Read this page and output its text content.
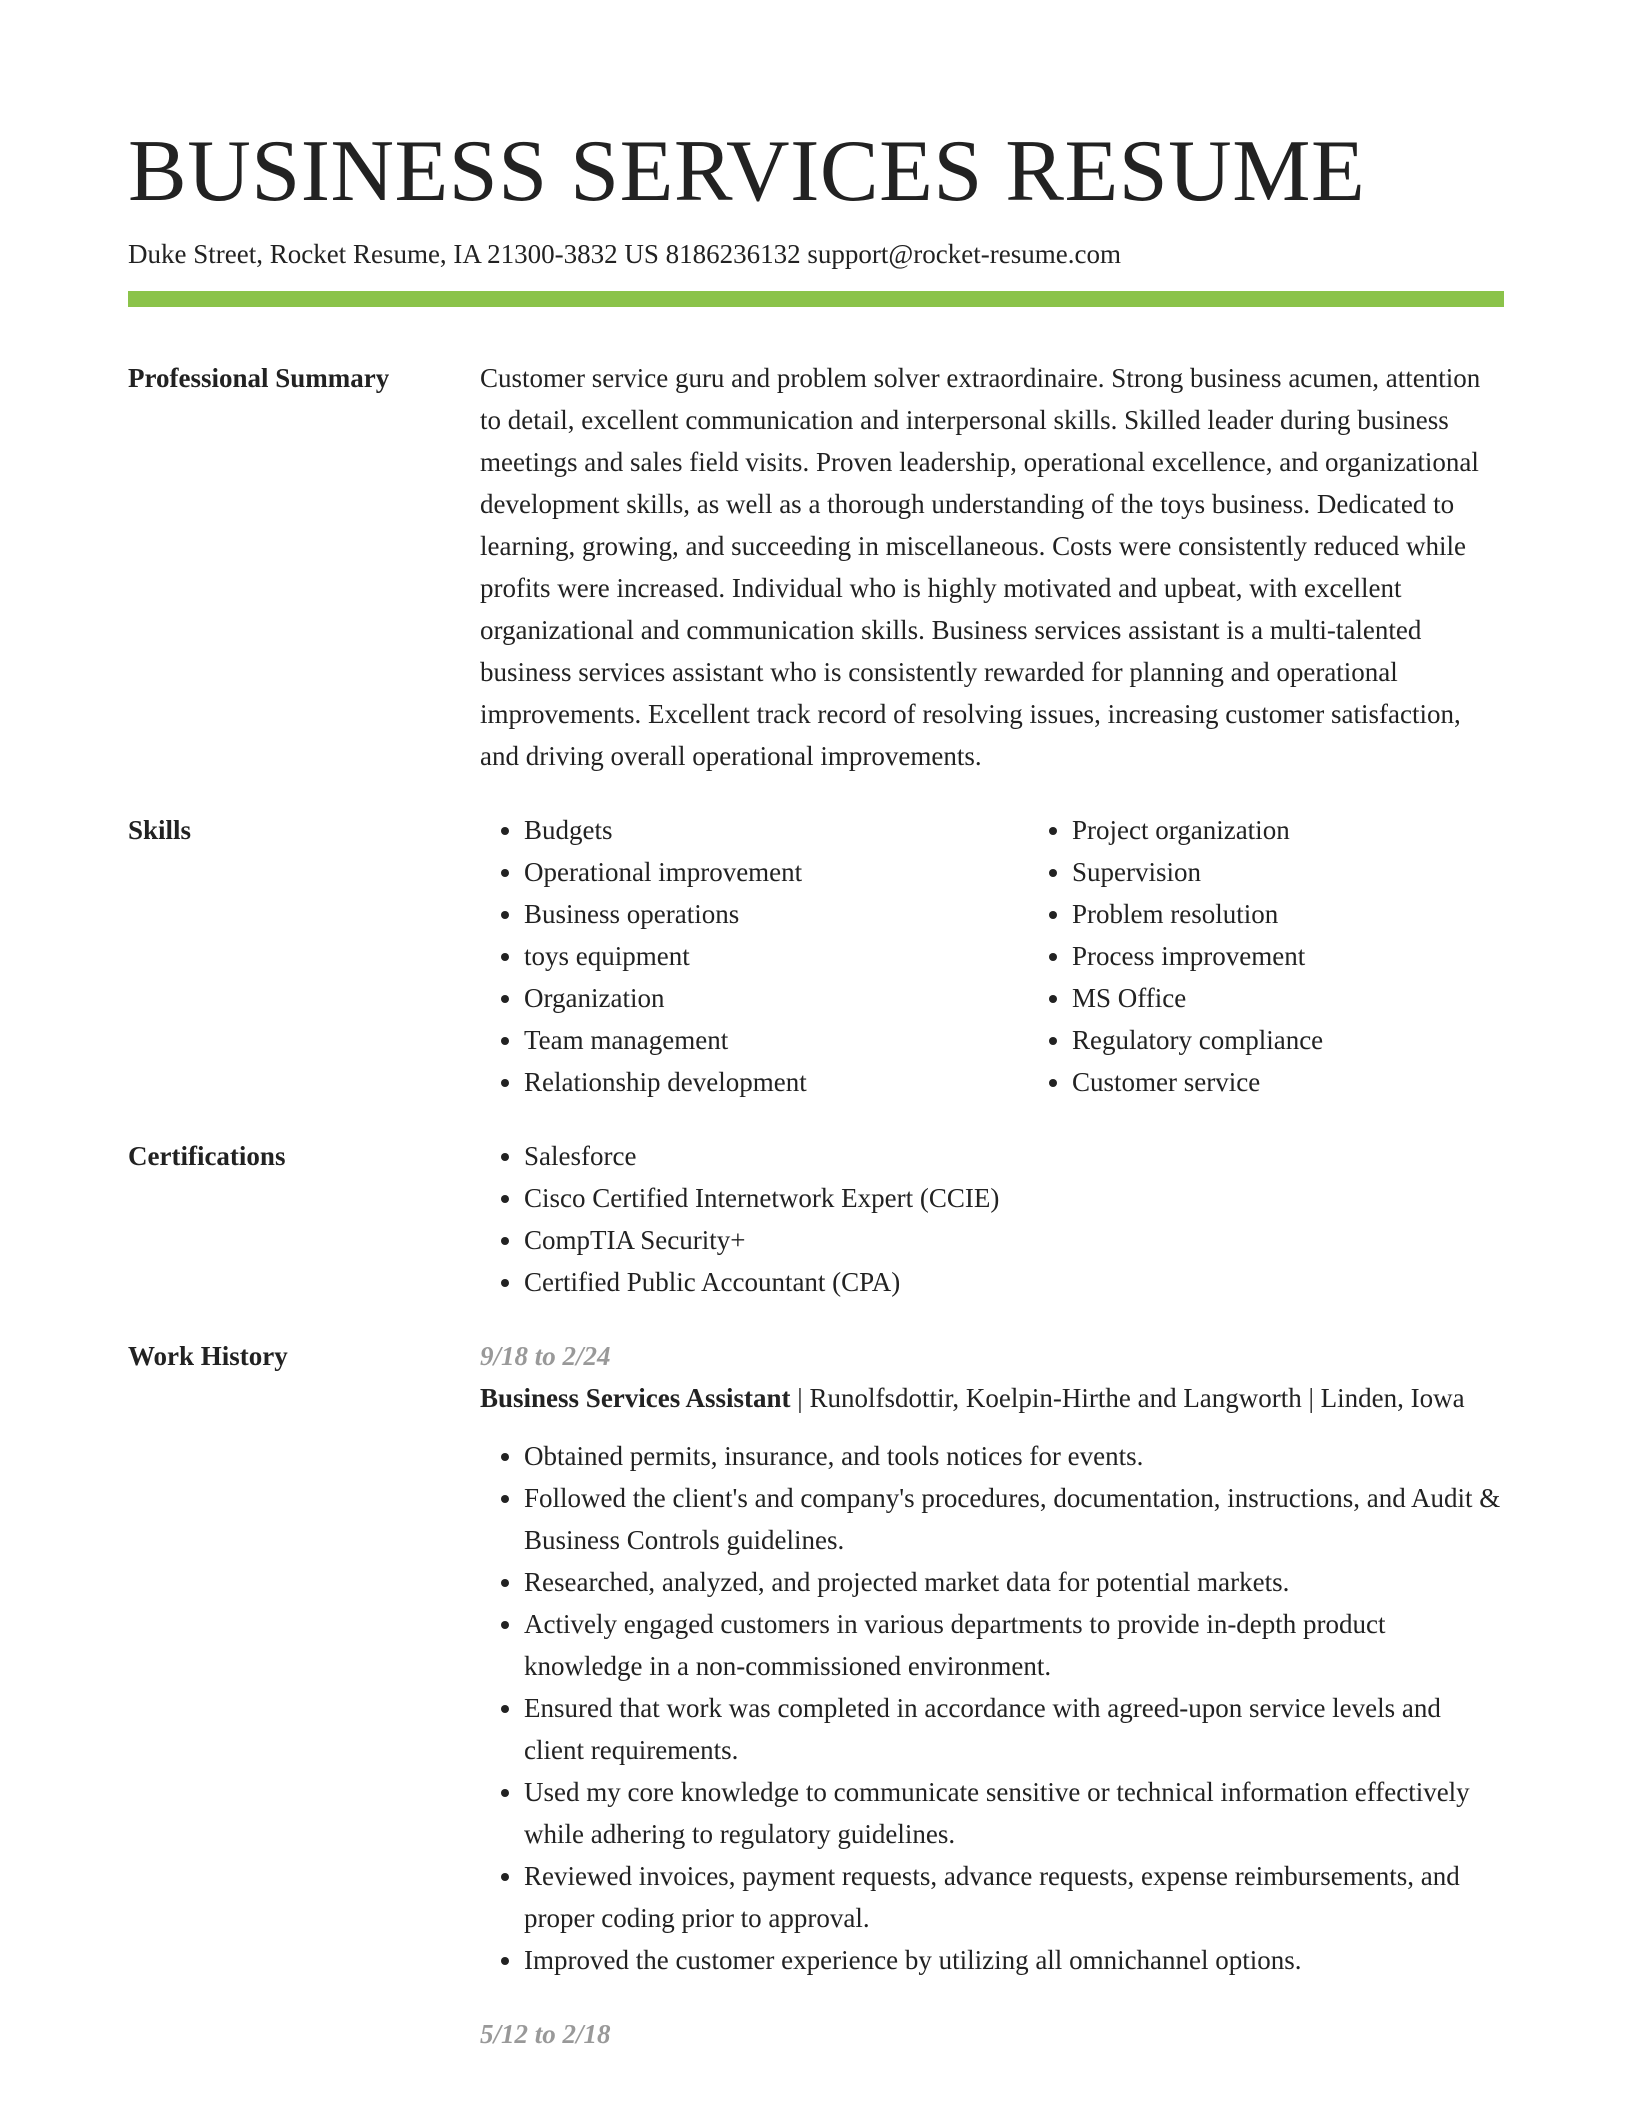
BUSINESS SERVICES RESUME
Duke Street, Rocket Resume, IA 21300-3832 US 8186236132 support@rocket-resume.com
Professional Summary	Customer service guru and problem solver extraordinaire. Strong business acumen, attention to detail, excellent communication and interpersonal skills. Skilled leader during business meetings and sales field visits. Proven leadership, operational excellence, and organizational development skills, as well as a thorough understanding of the toys business. Dedicated to learning, growing, and succeeding in miscellaneous. Costs were consistently reduced while profits were increased. Individual who is highly motivated and upbeat, with excellent organizational and communication skills. Business services assistant is a multi-talented business services assistant who is consistently rewarded for planning and operational improvements. Excellent track record of resolving issues, increasing customer satisfaction, and driving overall operational improvements.

Skills	• Budgets
• Operational improvement
• Business operations
• toys equipment
• Organization
• Team management
• Relationship development
• Project organization
• Supervision
• Problem resolution
• Process improvement
• MS Office
• Regulatory compliance
• Customer service
Certifications	• Salesforce
• Cisco Certified Internetwork Expert (CCIE)
• CompTIA Security+
• Certified Public Accountant (CPA)
Work History	9/18 to 2/24
Business Services Assistant | Runolfsdottir, Koelpin-Hirthe and Langworth | Linden, Iowa
• Obtained permits, insurance, and tools notices for events.
• Followed the client's and company's procedures, documentation, instructions, and Audit & Business Controls guidelines.
• Researched, analyzed, and projected market data for potential markets.
• Actively engaged customers in various departments to provide in-depth product knowledge in a non-commissioned environment.
• Ensured that work was completed in accordance with agreed-upon service levels and client requirements.
• Used my core knowledge to communicate sensitive or technical information effectively while adhering to regulatory guidelines.
• Reviewed invoices, payment requests, advance requests, expense reimbursements, and proper coding prior to approval.
• Improved the customer experience by utilizing all omnichannel options.
5/12 to 2/18
